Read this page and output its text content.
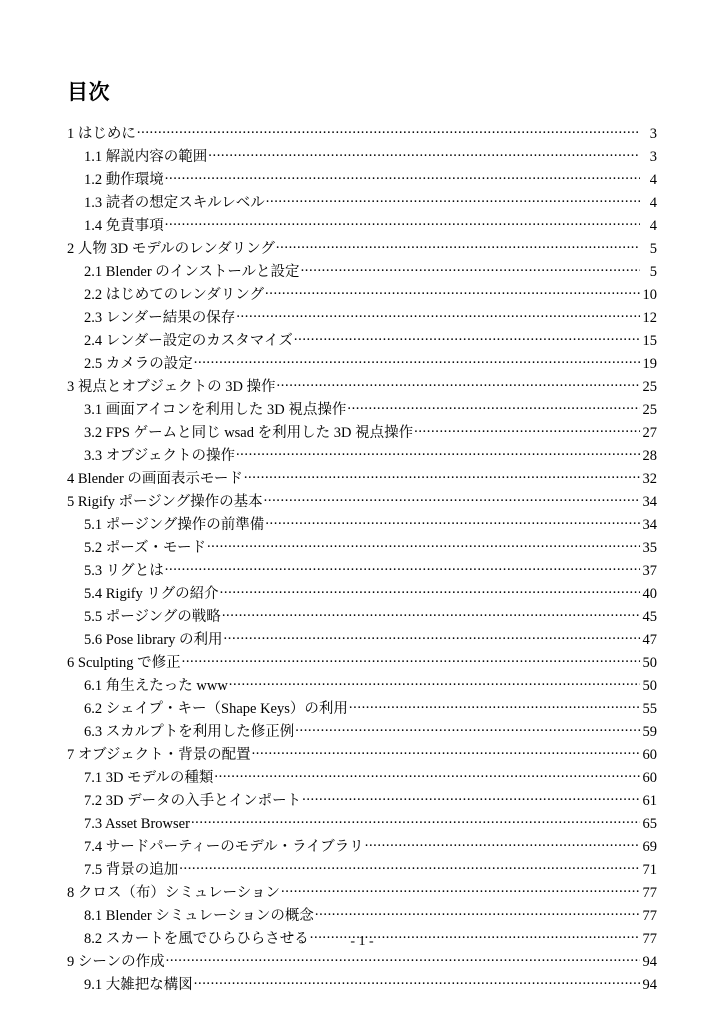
目次
1 はじめに .....	3
1.1 解説内容の範囲 .....	3
1.2 動作環境 .....	4
1.3 読者の想定スキルレベル .....	4
1.4 免責事項 .....	4
2 人物 3D モデルのレンダリング .....	5
2.1 Blender のインストールと設定 .....	5
2.2 はじめてのレンダリング .....	10
2.3 レンダー結果の保存 .....	12
2.4 レンダー設定のカスタマイズ .....	15
2.5 カメラの設定 .....	19
3 視点とオブジェクトの 3D 操作 .....	25
3.1 画面アイコンを利用した 3D 視点操作 .....	25
3.2 FPS ゲームと同じ wsad を利用した 3D 視点操作 .....	27
3.3 オブジェクトの操作 .....	28
4 Blender の画面表示モード .....	32
5 Rigify ポージング操作の基本 .....	34
5.1 ポージング操作の前準備 .....	34
5.2 ポーズ・モード .....	35
5.3 リグとは .....	37
5.4 Rigify リグの紹介 .....	40
5.5 ポージングの戦略 .....	45
5.6 Pose library の利用 .....	47
6 Sculpting で修正 .....	50
6.1 角生えたった www .....	50
6.2 シェイプ・キー（Shape Keys）の利用 .....	55
6.3 スカルプトを利用した修正例 .....	59
7 オブジェクト・背景の配置 .....	60
7.1 3D モデルの種類 .....	60
7.2 3D データの入手とインポート .....	61
7.3 Asset Browser .....	65
7.4 サードパーティーのモデル・ライブラリ .....	69
7.5 背景の追加 .....	71
8 クロス（布）シミュレーション .....	77
8.1 Blender シミュレーションの概念 .....	77
8.2 スカートを風でひらひらさせる .....	77
9 シーンの作成 .....	94
9.1 大雑把な構図 .....	94
- 1 -
